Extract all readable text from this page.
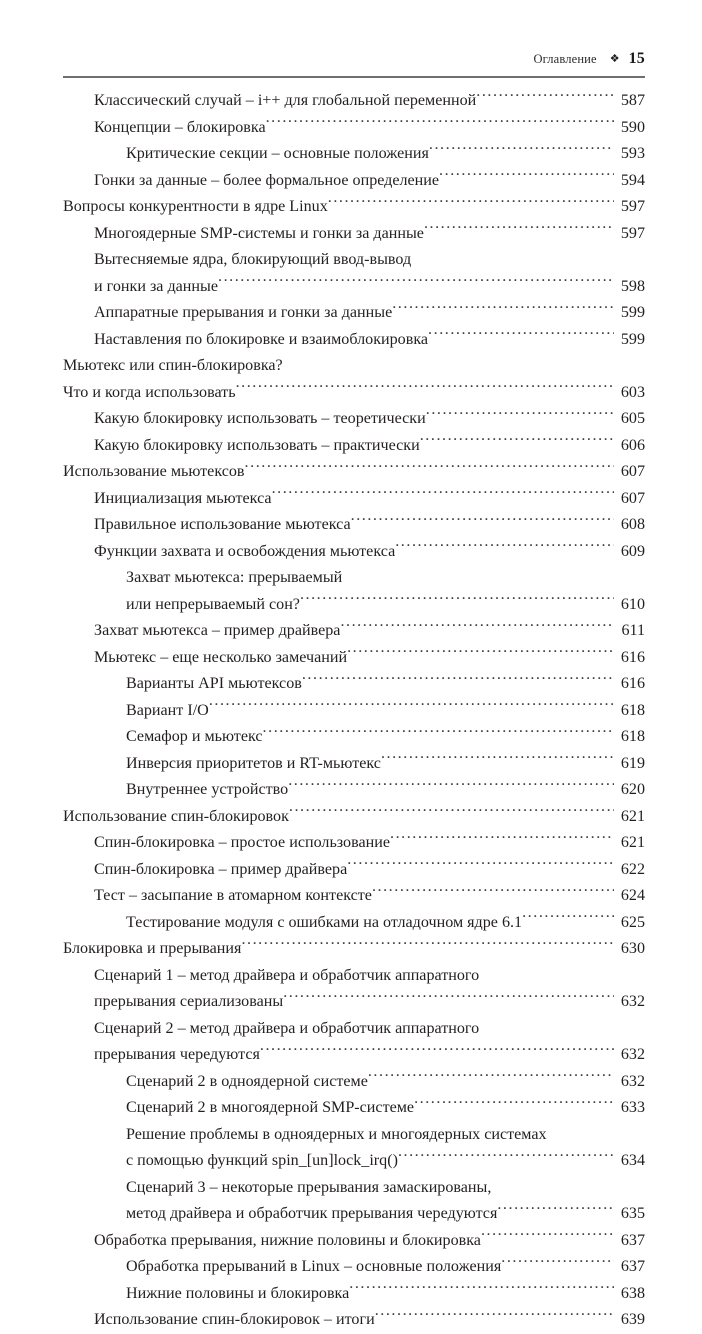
Оглавление ❖ 15
Классический случай – i++ для глобальной переменной .....	587
Концепции – блокировка .....	590
Критические секции – основные положения .....	593
Гонки за данные – более формальное определение .....	594
Вопросы конкурентности в ядре Linux .....	597
Многоядерные SMP-системы и гонки за данные .....	597
Вытесняемые ядра, блокирующий ввод-вывод
и гонки за данные .....	598
Аппаратные прерывания и гонки за данные .....	599
Наставления по блокировке и взаимоблокировка .....	599
Мьютекс или спин-блокировка?
Что и когда использовать .....	603
Какую блокировку использовать – теоретически .....	605
Какую блокировку использовать – практически .....	606
Использование мьютексов .....	607
Инициализация мьютекса .....	607
Правильное использование мьютекса .....	608
Функции захвата и освобождения мьютекса .....	609
Захват мьютекса: прерываемый
или непрерываемый сон? .....	610
Захват мьютекса – пример драйвера .....	611
Мьютекс – еще несколько замечаний .....	616
Варианты API мьютексов .....	616
Вариант I/O .....	618
Семафор и мьютекс .....	618
Инверсия приоритетов и RT-мьютекс .....	619
Внутреннее устройство .....	620
Использование спин-блокировок .....	621
Спин-блокировка – простое использование .....	621
Спин-блокировка – пример драйвера .....	622
Тест – засыпание в атомарном контексте .....	624
Тестирование модуля с ошибками на отладочном ядре 6.1 .....	625
Блокировка и прерывания .....	630
Сценарий 1 – метод драйвера и обработчик аппаратного
прерывания сериализованы .....	632
Сценарий 2 – метод драйвера и обработчик аппаратного
прерывания чередуются .....	632
Сценарий 2 в одноядерной системе .....	632
Сценарий 2 в многоядерной SMP-системе .....	633
Решение проблемы в одноядерных и многоядерных системах
с помощью функций spin_[un]lock_irq() .....	634
Сценарий 3 – некоторые прерывания замаскированы,
метод драйвера и обработчик прерывания чередуются .....	635
Обработка прерывания, нижние половины и блокировка .....	637
Обработка прерываний в Linux – основные положения .....	637
Нижние половины и блокировка .....	638
Использование спин-блокировок – итоги .....	639
